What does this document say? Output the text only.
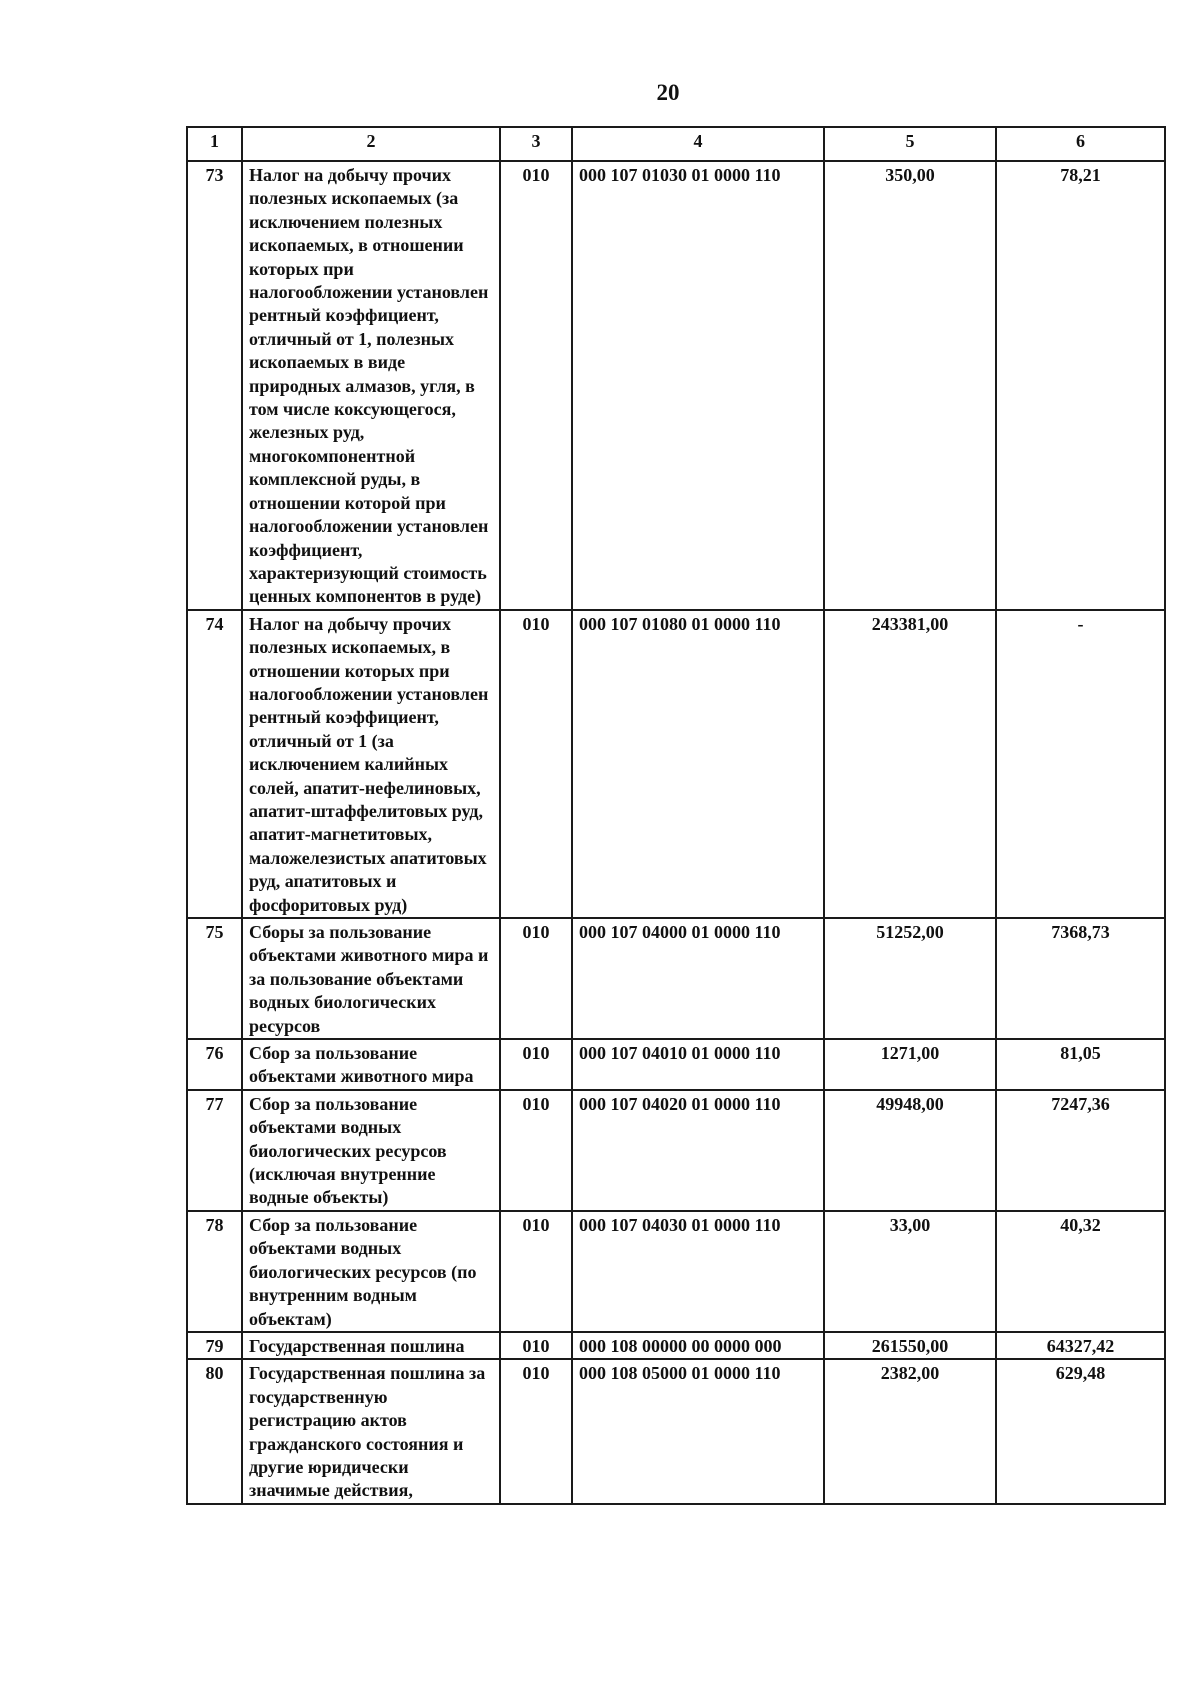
20
1	2	3	4	5	6
73	Налог на добычу прочих полезных ископаемых (за исключением полезных ископаемых, в отношении которых при налогообложении установлен рентный коэффициент, отличный от 1, полезных ископаемых в виде природных алмазов, угля, в том числе коксующегося, железных руд, многокомпонентной комплексной руды, в отношении которой при налогообложении установлен коэффициент, характеризующий стоимость ценных компонентов в руде)	010	000 107 01030 01 0000 110	350,00	78,21
74	Налог на добычу прочих полезных ископаемых, в отношении которых при налогообложении установлен рентный коэффициент, отличный от 1 (за исключением калийных солей, апатит-нефелиновых, апатит-штаффелитовых руд, апатит-магнетитовых, маложелезистых апатитовых руд, апатитовых и фосфоритовых руд)	010	000 107 01080 01 0000 110	243381,00	-
75	Сборы за пользование объектами животного мира и за пользование объектами водных биологических ресурсов	010	000 107 04000 01 0000 110	51252,00	7368,73
76	Сбор за пользование объектами животного мира	010	000 107 04010 01 0000 110	1271,00	81,05
77	Сбор за пользование объектами водных биологических ресурсов (исключая внутренние водные объекты)	010	000 107 04020 01 0000 110	49948,00	7247,36
78	Сбор за пользование объектами водных биологических ресурсов (по внутренним водным объектам)	010	000 107 04030 01 0000 110	33,00	40,32
79	Государственная пошлина	010	000 108 00000 00 0000 000	261550,00	64327,42
80	Государственная пошлина за государственную регистрацию актов гражданского состояния и другие юридически значимые действия,	010	000 108 05000 01 0000 110	2382,00	629,48
